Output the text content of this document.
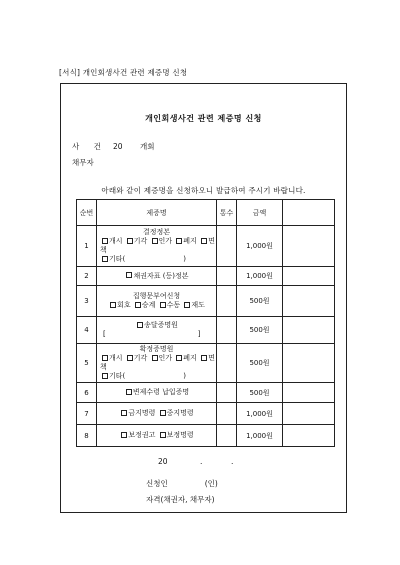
[서식] 개인회생사건 관련 제증명 신청
개인회생사건 관련 제증명 신청
사 건 20 개회
채무자
아래와 같이 제증명을 신청하오니 발급하여 주시기 바랍니다.
순번	제증명	통수	금액	
1	결정정본
개시 기각 인가 폐지 면책
기타( )		1,000원	
2	채권자표 (등)정본		1,000원	
3	집행문부여신청
회호 승계 수동 재도		500원	
4	송달증명원
[ ]		500원	
5	확정증명원
개시 기각 인가 폐지 면책
기타( )		500원	
6	변제수령 납입증명		500원	
7	금지명령 중지명령		1,000원	
8	보정권고 보정명령		1,000원	
20	.	.
신청인	(인)
자격(채권자, 채무자)
